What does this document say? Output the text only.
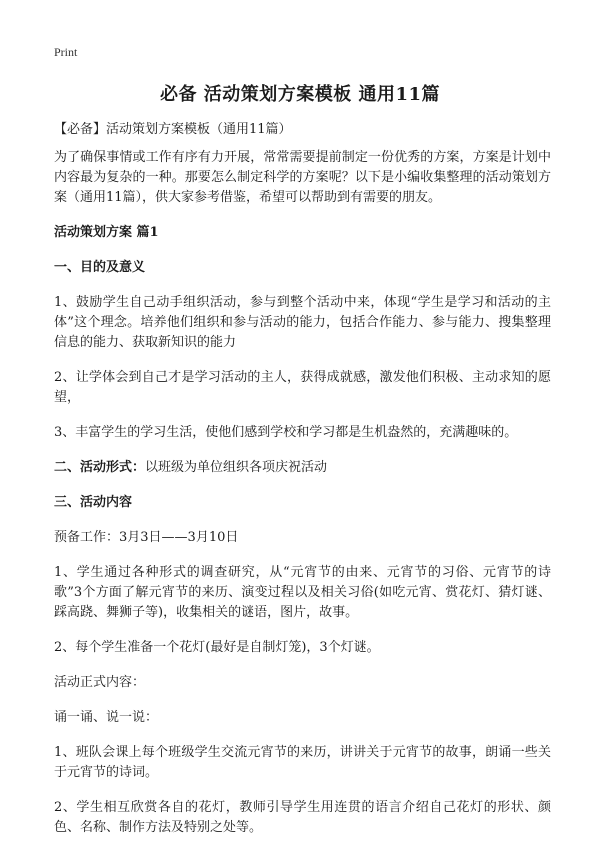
Print
必备 活动策划方案模板 通用11篇

【必备】活动策划方案模板（通用11篇）

为了确保事情或工作有序有力开展，常常需要提前制定一份优秀的方案，方案是计划中内容最为复杂的一种。那要怎么制定科学的方案呢？以下是小编收集整理的活动策划方案（通用11篇），供大家参考借鉴，希望可以帮助到有需要的朋友。

活动策划方案 篇1

一、目的及意义

1、鼓励学生自己动手组织活动，参与到整个活动中来，体现“学生是学习和活动的主体”这个理念。培养他们组织和参与活动的能力，包括合作能力、参与能力、搜集整理信息的能力、获取新知识的能力

2、让学体会到自己才是学习活动的主人，获得成就感，激发他们积极、主动求知的愿望，

3、丰富学生的学习生活，使他们感到学校和学习都是生机盎然的，充满趣味的。

二、活动形式：以班级为单位组织各项庆祝活动

三、活动内容

预备工作：3月3日——3月10日

1、学生通过各种形式的调查研究，从“元宵节的由来、元宵节的习俗、元宵节的诗歌”3个方面了解元宵节的来历、演变过程以及相关习俗(如吃元宵、赏花灯、猜灯谜、踩高跷、舞狮子等)，收集相关的谜语，图片，故事。

2、每个学生准备一个花灯(最好是自制灯笼)，3个灯谜。

活动正式内容：

诵一诵、说一说：

1、班队会课上每个班级学生交流元宵节的来历，讲讲关于元宵节的故事，朗诵一些关于元宵节的诗词。

2、学生相互欣赏各自的花灯，教师引导学生用连贯的语言介绍自己花灯的形状、颜色、名称、制作方法及特别之处等。
